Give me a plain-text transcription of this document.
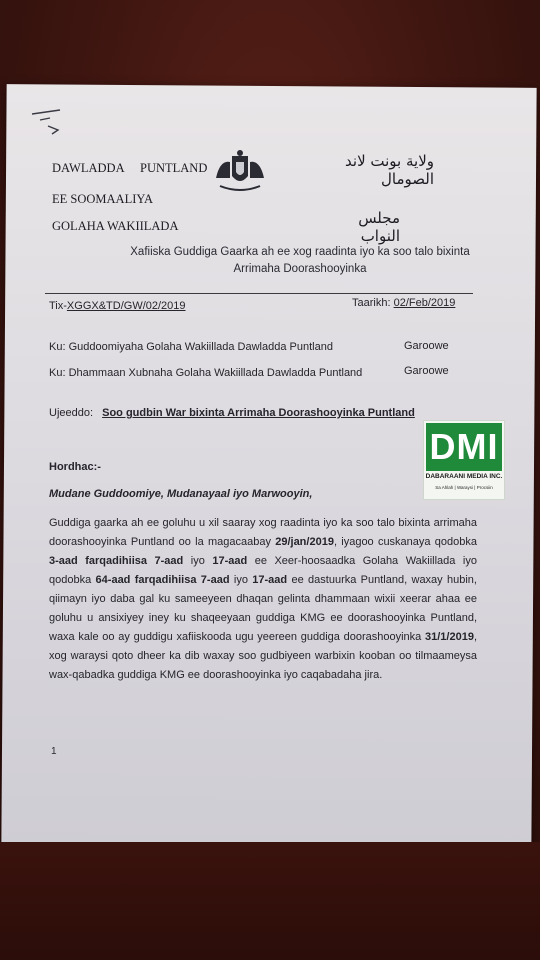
DAWLADDA PUNTLAND
EE SOOMAALIYA
GOLAHA WAKIILADA
ولاية بونت لاند الصومال
مجلس النواب
Xafiiska Guddiga Gaarka ah ee xog raadinta iyo ka soo talo bixinta Arrimaha Doorashooyinka
Tix-XGGX&TD/GW/02/2019	Taarikh: 02/Feb/2019
Ku: Guddoomiyaha Golaha Wakiillada Dawladda Puntland	Garoowe
Ku: Dhammaan Xubnaha Golaha Wakiillada Dawladda Puntland	Garoowe
Ujeeddo: Soo gudbin War bixinta Arrimaha Doorashooyinka Puntland
Hordhac:-
Mudane Guddoomiye, Mudanayaal iyo Marwooyin,
Guddiga gaarka ah ee goluhu u xil saaray xog raadinta iyo ka soo talo bixinta arrimaha doorashooyinka Puntland oo la magacaabay 29/jan/2019, iyagoo cuskanaya qodobka 3-aad farqadihiisa 7-aad iyo 17-aad ee Xeer-hoosaadka Golaha Wakiillada iyo qodobka 64-aad farqadihiisa 7-aad iyo 17-aad ee dastuurka Puntland, waxay hubin, qiimayn iyo daba gal ku sameeyeen dhaqan gelinta dhammaan wixii xeerar ahaa ee goluhu u ansixiyey iney ku shaqeeyaan guddiga KMG ee doorashooyinka Puntland, waxa kale oo ay guddigu xafiiskooda ugu yeereen guddiga doorashooyinka 31/1/2019, xog waraysi qoto dheer ka dib waxay soo gudbiyeen warbixin kooban oo tilmaameysa wax-qabadka guddiga KMG ee doorashooyinka iyo caqabadaha jira.
1
DMI
DABARAANI MEDIA INC.
Sa Ahlah | Waraysi | Procsiin
